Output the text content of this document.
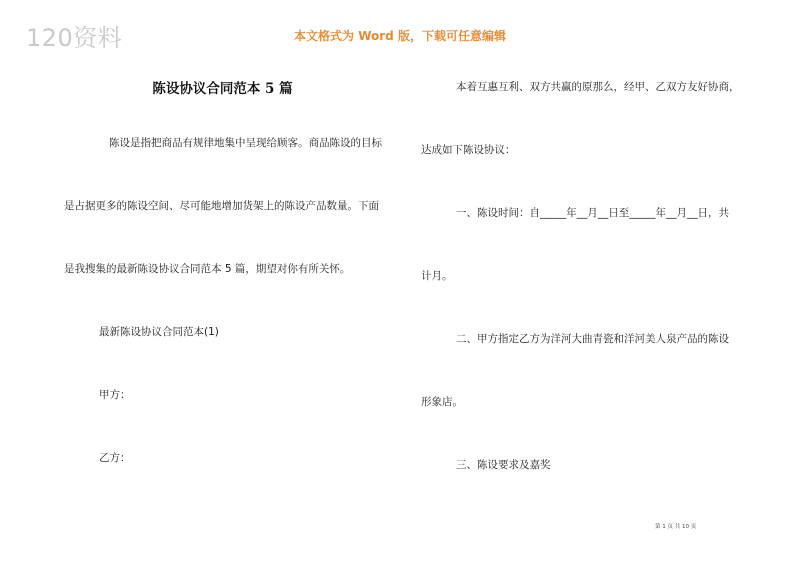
120资料	本文格式为 Word 版，下载可任意编辑
陈设协议合同范本 5 篇
陈设是指把商品有规律地集中呈现给顾客。商品陈设的目标
是占据更多的陈设空间、尽可能地增加货架上的陈设产品数量。下面
是我搜集的最新陈设协议合同范本 5 篇，期望对你有所关怀。
最新陈设协议合同范本(1)
甲方：
乙方：
本着互惠互利、双方共赢的原那么，经甲、乙双方友好协商，
达成如下陈设协议：
一、陈设时间：自_____年__月__日至_____年__月__日，共
计月。
二、甲方指定乙方为洋河大曲青瓷和洋河美人泉产品的陈设
形象店。
三、陈设要求及嘉奖
第 1 页 共 10 页
